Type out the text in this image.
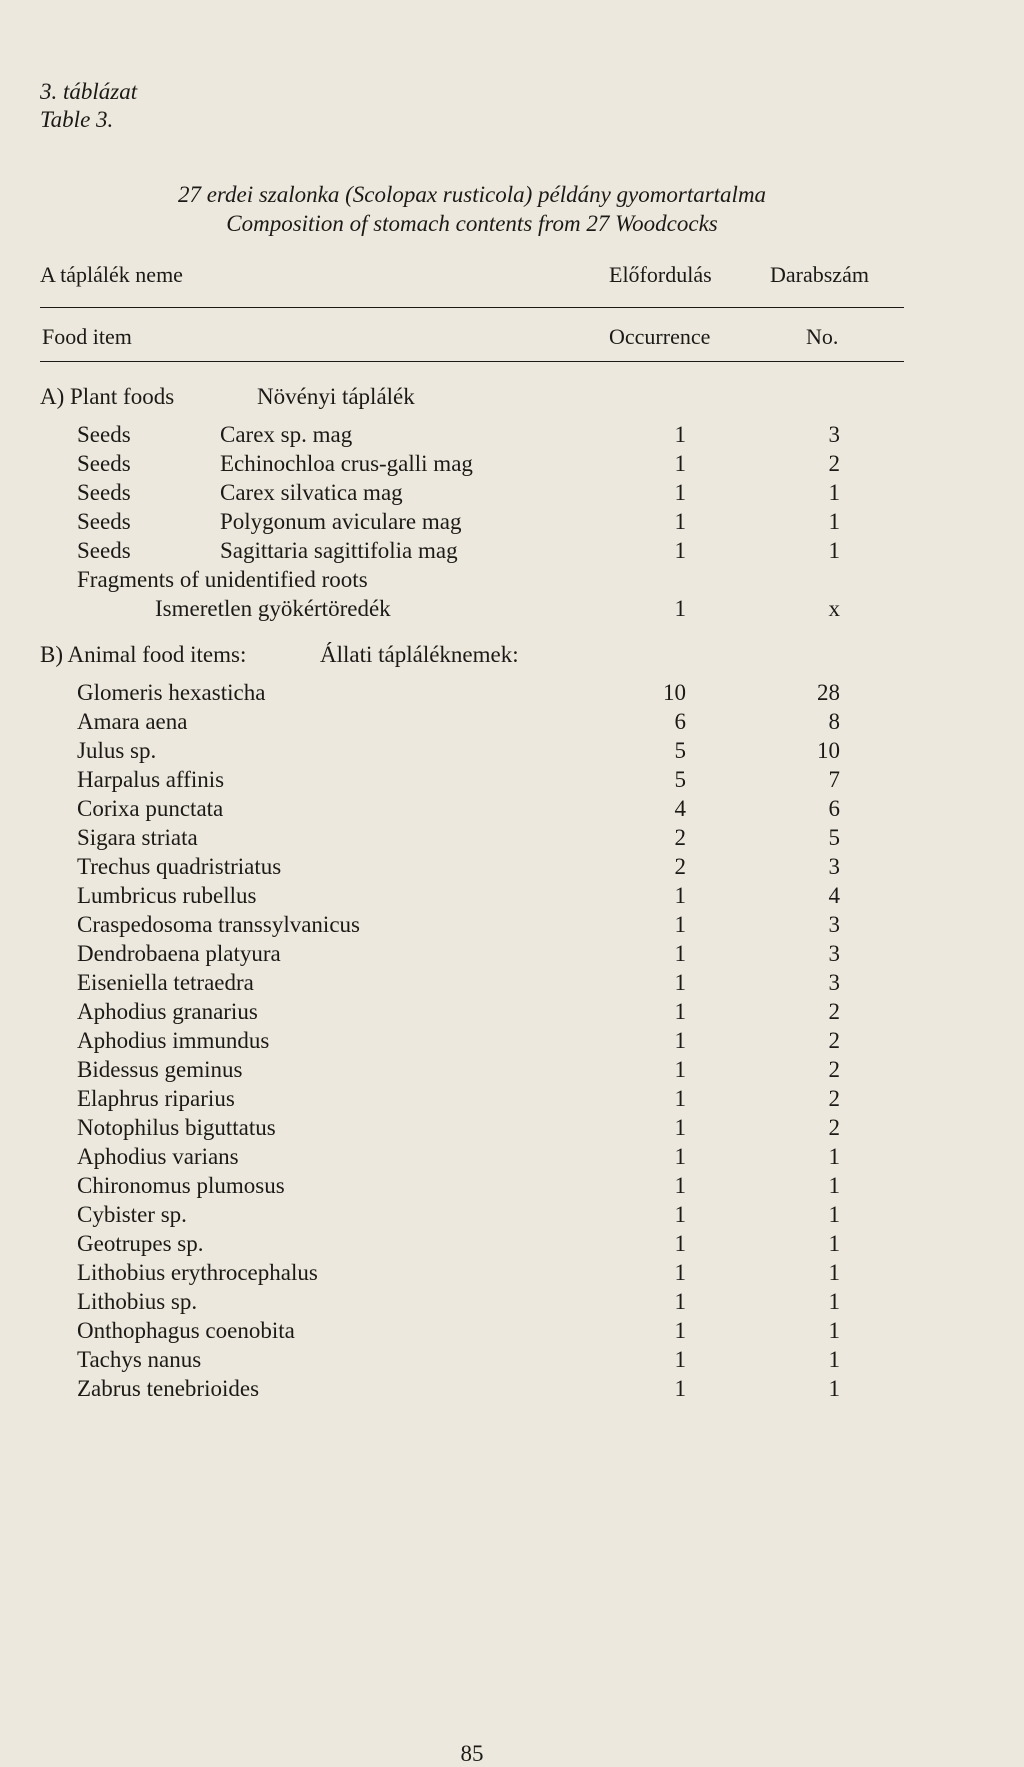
3. táblázat
Table 3.
27 erdei szalonka (Scolopax rusticola) példány gyomortartalma
Composition of stomach contents from 27 Woodcocks
A táplálék neme	Előfordulás	Darabszám
Food item	Occurrence	No.
A) Plant foods	Növényi táplálék
Seeds	Carex sp. mag	1	3
Seeds	Echinochloa crus-galli mag	1	2
Seeds	Carex silvatica mag	1	1
Seeds	Polygonum aviculare mag	1	1
Seeds	Sagittaria sagittifolia mag	1	1
Fragments of unidentified roots
Ismeretlen gyökértöredék	1	x
B) Animal food items:	Állati tápláléknemek:
Glomeris hexasticha	10	28
Amara aena	6	8
Julus sp.	5	10
Harpalus affinis	5	7
Corixa punctata	4	6
Sigara striata	2	5
Trechus quadristriatus	2	3
Lumbricus rubellus	1	4
Craspedosoma transsylvanicus	1	3
Dendrobaena platyura	1	3
Eiseniella tetraedra	1	3
Aphodius granarius	1	2
Aphodius immundus	1	2
Bidessus geminus	1	2
Elaphrus riparius	1	2
Notophilus biguttatus	1	2
Aphodius varians	1	1
Chironomus plumosus	1	1
Cybister sp.	1	1
Geotrupes sp.	1	1
Lithobius erythrocephalus	1	1
Lithobius sp.	1	1
Onthophagus coenobita	1	1
Tachys nanus	1	1
Zabrus tenebrioides	1	1
85
